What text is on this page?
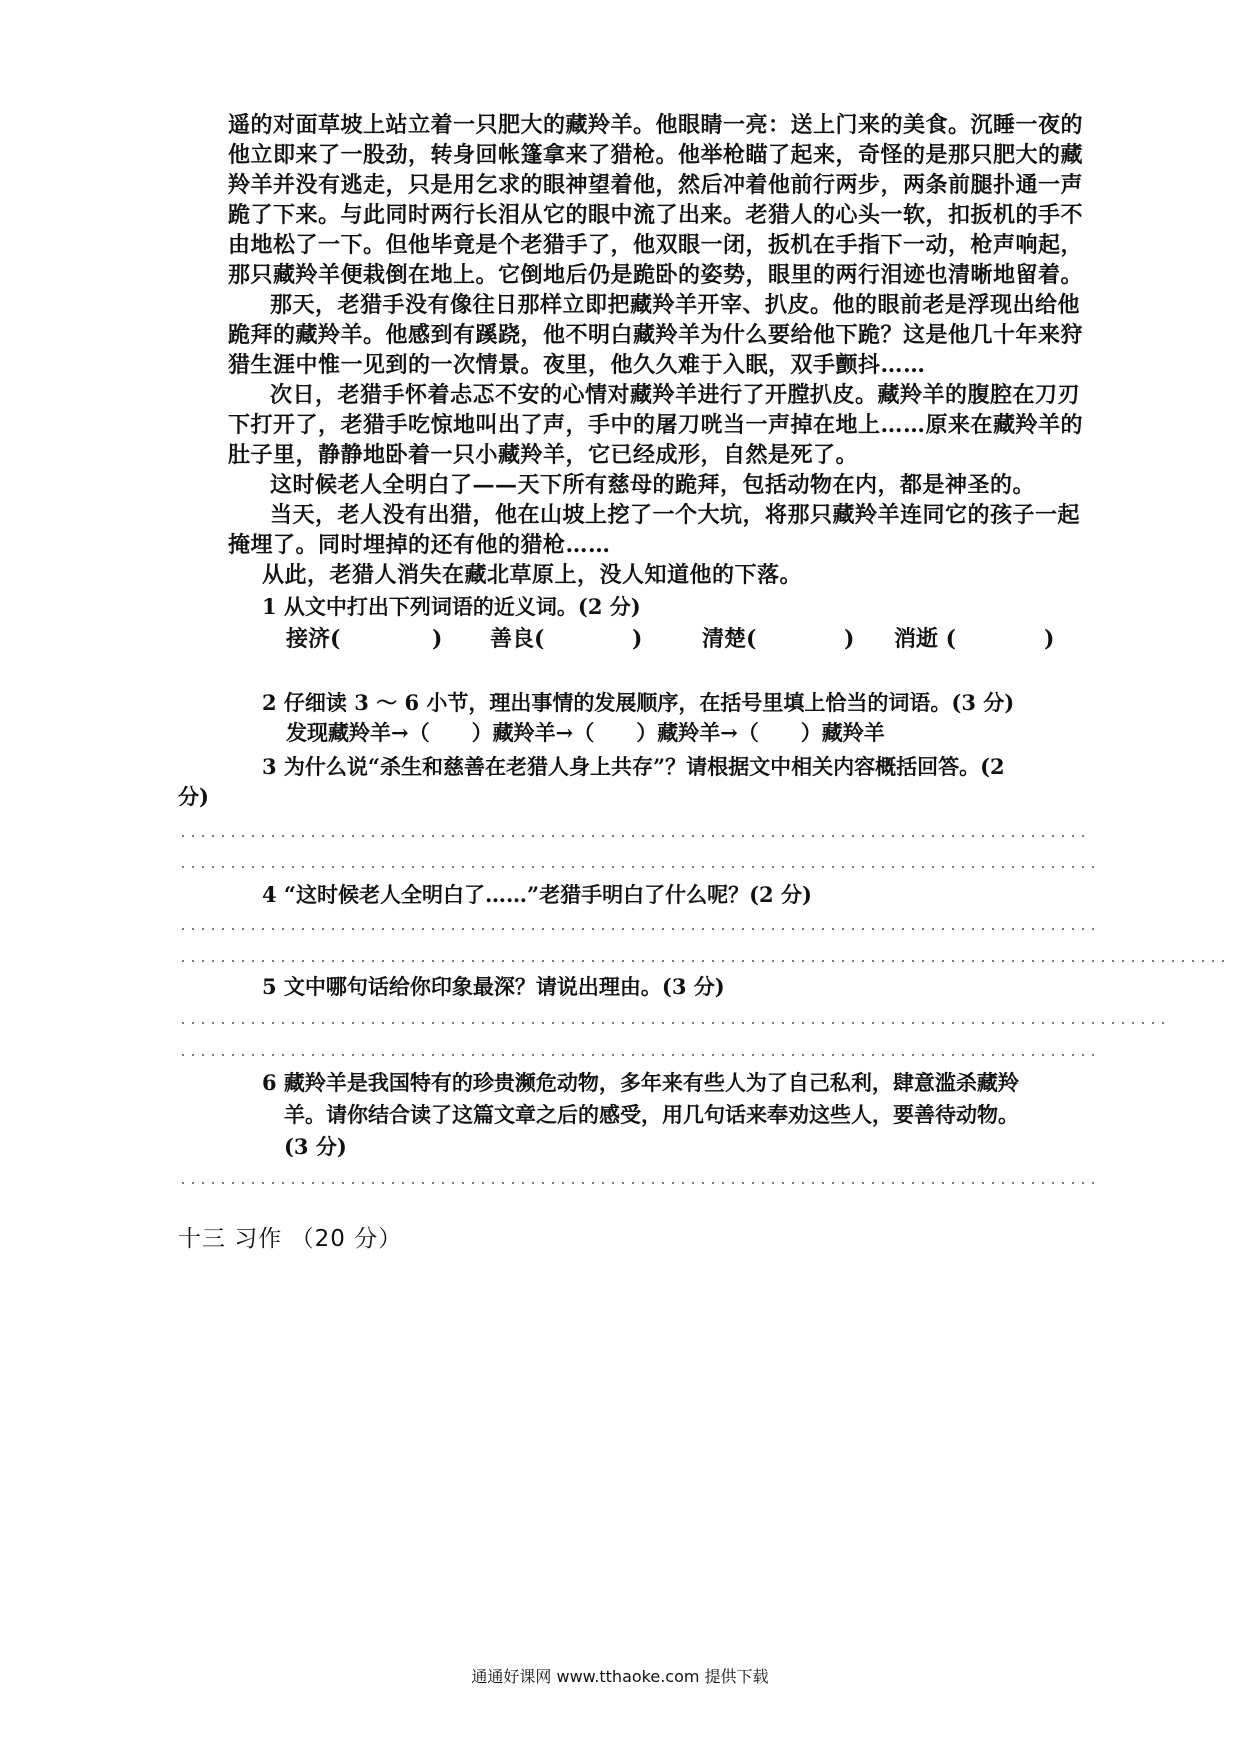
遥的对面草坡上站立着一只肥大的藏羚羊。他眼睛一亮：送上门来的美食。沉睡一夜的
他立即来了一股劲，转身回帐篷拿来了猎枪。他举枪瞄了起来，奇怪的是那只肥大的藏
羚羊并没有逃走，只是用乞求的眼神望着他，然后冲着他前行两步，两条前腿扑通一声
跪了下来。与此同时两行长泪从它的眼中流了出来。老猎人的心头一软，扣扳机的手不
由地松了一下。但他毕竟是个老猎手了，他双眼一闭，扳机在手指下一动，枪声响起，
那只藏羚羊便栽倒在地上。它倒地后仍是跪卧的姿势，眼里的两行泪迹也清晰地留着。
那天，老猎手没有像往日那样立即把藏羚羊开宰、扒皮。他的眼前老是浮现出给他
跪拜的藏羚羊。他感到有蹊跷，他不明白藏羚羊为什么要给他下跪？这是他几十年来狩
猎生涯中惟一见到的一次情景。夜里，他久久难于入眠，双手颤抖……
次日，老猎手怀着忐忑不安的心情对藏羚羊进行了开膛扒皮。藏羚羊的腹腔在刀刃
下打开了，老猎手吃惊地叫出了声，手中的屠刀咣当一声掉在地上……原来在藏羚羊的
肚子里，静静地卧着一只小藏羚羊，它已经成形，自然是死了。
这时候老人全明白了——天下所有慈母的跪拜，包括动物在内，都是神圣的。
当天，老人没有出猎，他在山坡上挖了一个大坑，将那只藏羚羊连同它的孩子一起
掩埋了。同时埋掉的还有他的猎枪……
从此，老猎人消失在藏北草原上，没人知道他的下落。
1 从文中打出下列词语的近义词。(2 分)
接济(	) 善良(	)	清楚(	) 消逝 (	)
2 仔细读 3 ～ 6 小节，理出事情的发展顺序，在括号里填上恰当的词语。(3 分)
发现藏羚羊→（　　）藏羚羊→（　　）藏羚羊→（　　）藏羚羊
3 为什么说“杀生和慈善在老猎人身上共存”？请根据文中相关内容概括回答。(2
分)
4 “这时候老人全明白了……”老猎手明白了什么呢？(2 分)
5 文中哪句话给你印象最深？请说出理由。(3 分)
6 藏羚羊是我国特有的珍贵濒危动物，多年来有些人为了自己私利，肆意滥杀藏羚
羊。请你结合读了这篇文章之后的感受，用几句话来奉劝这些人，要善待动物。
(3 分)
十三 习作 （20 分）
通通好课网 www.tthaoke.com 提供下载
